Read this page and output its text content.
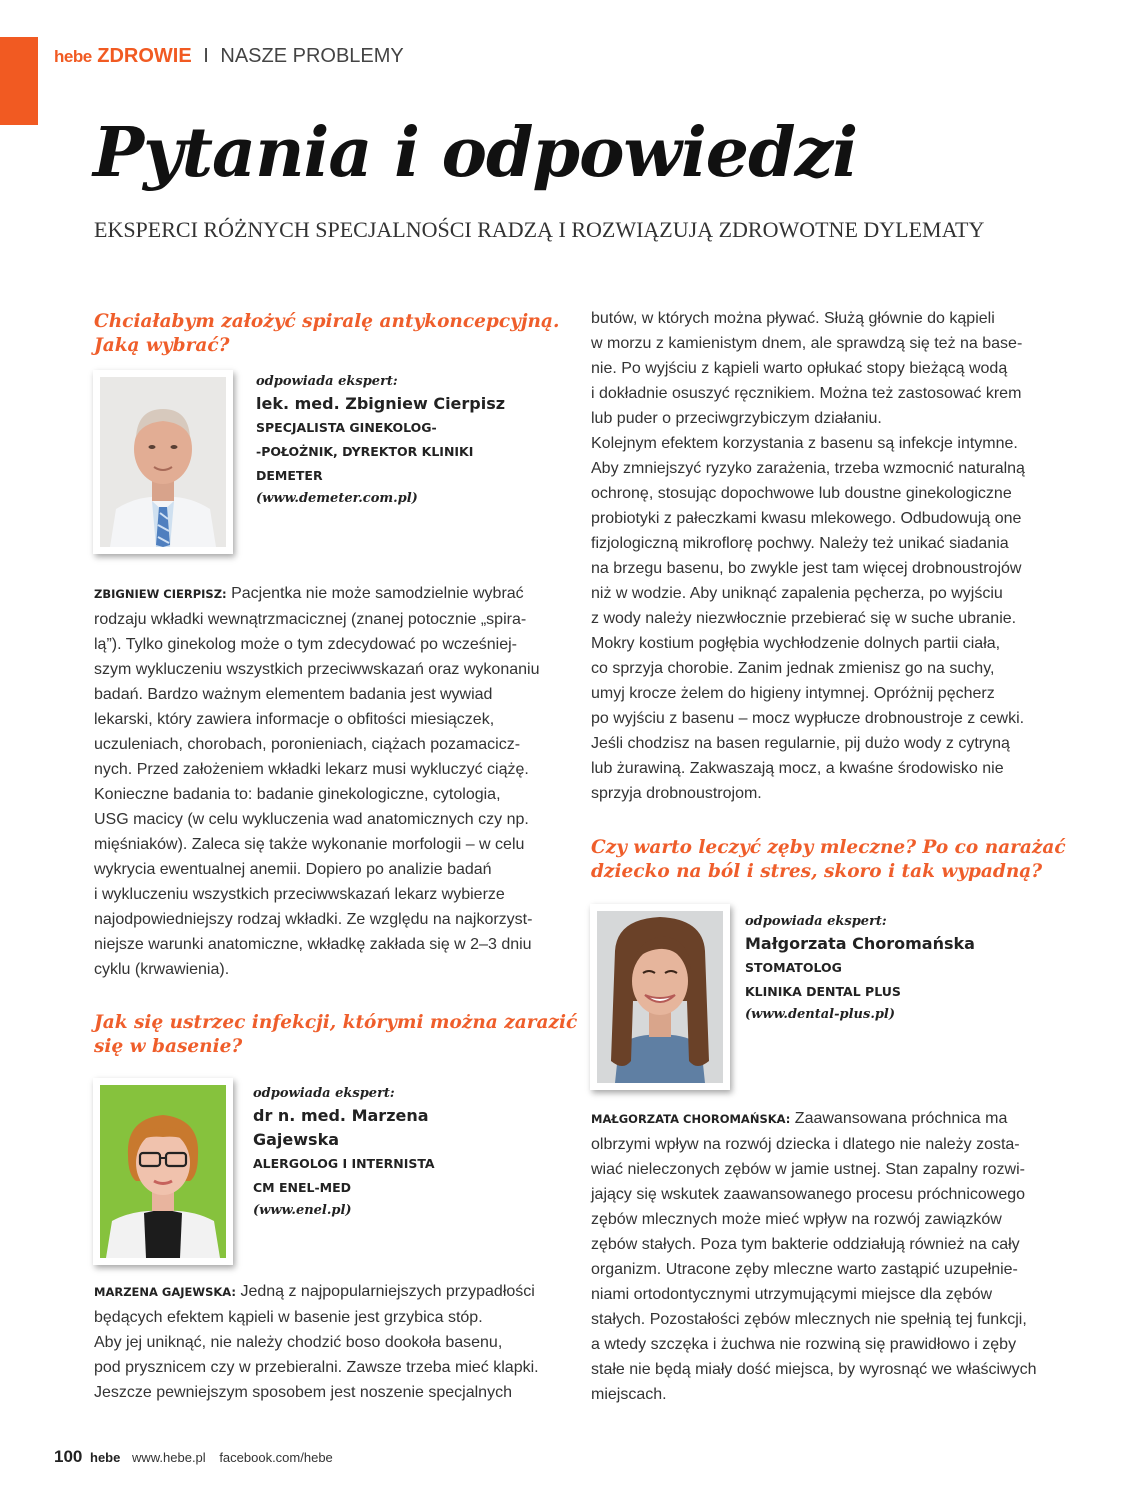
hebe ZDROWIE I NASZE PROBLEMY
Pytania i odpowiedzi
EKSPERCI RÓŻNYCH SPECJALNOŚCI RADZĄ I ROZWIĄZUJĄ ZDROWOTNE DYLEMATY
Chciałabym założyć spiralę antykoncepcyjną.
Jaką wybrać?
odpowiada ekspert:
lek. med. Zbigniew Cierpisz
SPECJALISTA GINEKOLOG-
-POŁOŻNIK, DYREKTOR KLINIKI
DEMETER
(www.demeter.com.pl)
ZBIGNIEW CIERPISZ: Pacjentka nie może samodzielnie wybrać
rodzaju wkładki wewnątrzmacicznej (znanej potocznie „spira-
lą”). Tylko ginekolog może o tym zdecydować po wcześniej-
szym wykluczeniu wszystkich przeciwwskazań oraz wykonaniu
badań. Bardzo ważnym elementem badania jest wywiad
lekarski, który zawiera informacje o obfitości miesiączek,
uczuleniach, chorobach, poronieniach, ciążach pozamacicz-
nych. Przed założeniem wkładki lekarz musi wykluczyć ciążę.
Konieczne badania to: badanie ginekologiczne, cytologia,
USG macicy (w celu wykluczenia wad anatomicznych czy np.
mięśniaków). Zaleca się także wykonanie morfologii – w celu
wykrycia ewentualnej anemii. Dopiero po analizie badań
i wykluczeniu wszystkich przeciwwskazań lekarz wybierze
najodpowiedniejszy rodzaj wkładki. Ze względu na najkorzyst-
niejsze warunki anatomiczne, wkładkę zakłada się w 2–3 dniu
cyklu (krwawienia).
Jak się ustrzec infekcji, którymi można zarazić
się w basenie?
odpowiada ekspert:
dr n. med. Marzena
Gajewska
ALERGOLOG I INTERNISTA
CM ENEL-MED
(www.enel.pl)
MARZENA GAJEWSKA: Jedną z najpopularniejszych przypadłości
będących efektem kąpieli w basenie jest grzybica stóp.
Aby jej uniknąć, nie należy chodzić boso dookoła basenu,
pod prysznicem czy w przebieralni. Zawsze trzeba mieć klapki.
Jeszcze pewniejszym sposobem jest noszenie specjalnych
butów, w których można pływać. Służą głównie do kąpieli
w morzu z kamienistym dnem, ale sprawdzą się też na base-
nie. Po wyjściu z kąpieli warto opłukać stopy bieżącą wodą
i dokładnie osuszyć ręcznikiem. Można też zastosować krem
lub puder o przeciwgrzybiczym działaniu.
Kolejnym efektem korzystania z basenu są infekcje intymne.
Aby zmniejszyć ryzyko zarażenia, trzeba wzmocnić naturalną
ochronę, stosując dopochwowe lub doustne ginekologiczne
probiotyki z pałeczkami kwasu mlekowego. Odbudowują one
fizjologiczną mikroflorę pochwy. Należy też unikać siadania
na brzegu basenu, bo zwykle jest tam więcej drobnoustrojów
niż w wodzie. Aby uniknąć zapalenia pęcherza, po wyjściu
z wody należy niezwłocznie przebierać się w suche ubranie.
Mokry kostium pogłębia wychłodzenie dolnych partii ciała,
co sprzyja chorobie. Zanim jednak zmienisz go na suchy,
umyj krocze żelem do higieny intymnej. Opróżnij pęcherz
po wyjściu z basenu – mocz wypłucze drobnoustroje z cewki.
Jeśli chodzisz na basen regularnie, pij dużo wody z cytryną
lub żurawiną. Zakwaszają mocz, a kwaśne środowisko nie
sprzyja drobnoustrojom.
Czy warto leczyć zęby mleczne? Po co narażać
dziecko na ból i stres, skoro i tak wypadną?
odpowiada ekspert:
Małgorzata Choromańska
STOMATOLOG
KLINIKA DENTAL PLUS
(www.dental-plus.pl)
MAŁGORZATA CHOROMAŃSKA: Zaawansowana próchnica ma
olbrzymi wpływ na rozwój dziecka i dlatego nie należy zosta-
wiać nieleczonych zębów w jamie ustnej. Stan zapalny rozwi-
jający się wskutek zaawansowanego procesu próchnicowego
zębów mlecznych może mieć wpływ na rozwój zawiązków
zębów stałych. Poza tym bakterie oddziałują również na cały
organizm. Utracone zęby mleczne warto zastąpić uzupełnie-
niami ortodontycznymi utrzymującymi miejsce dla zębów
stałych. Pozostałości zębów mlecznych nie spełnią tej funkcji,
a wtedy szczęka i żuchwa nie rozwiną się prawidłowo i zęby
stałe nie będą miały dość miejsca, by wyrosnąć we właściwych
miejscach.
100 hebe www.hebe.pl facebook.com/hebe
